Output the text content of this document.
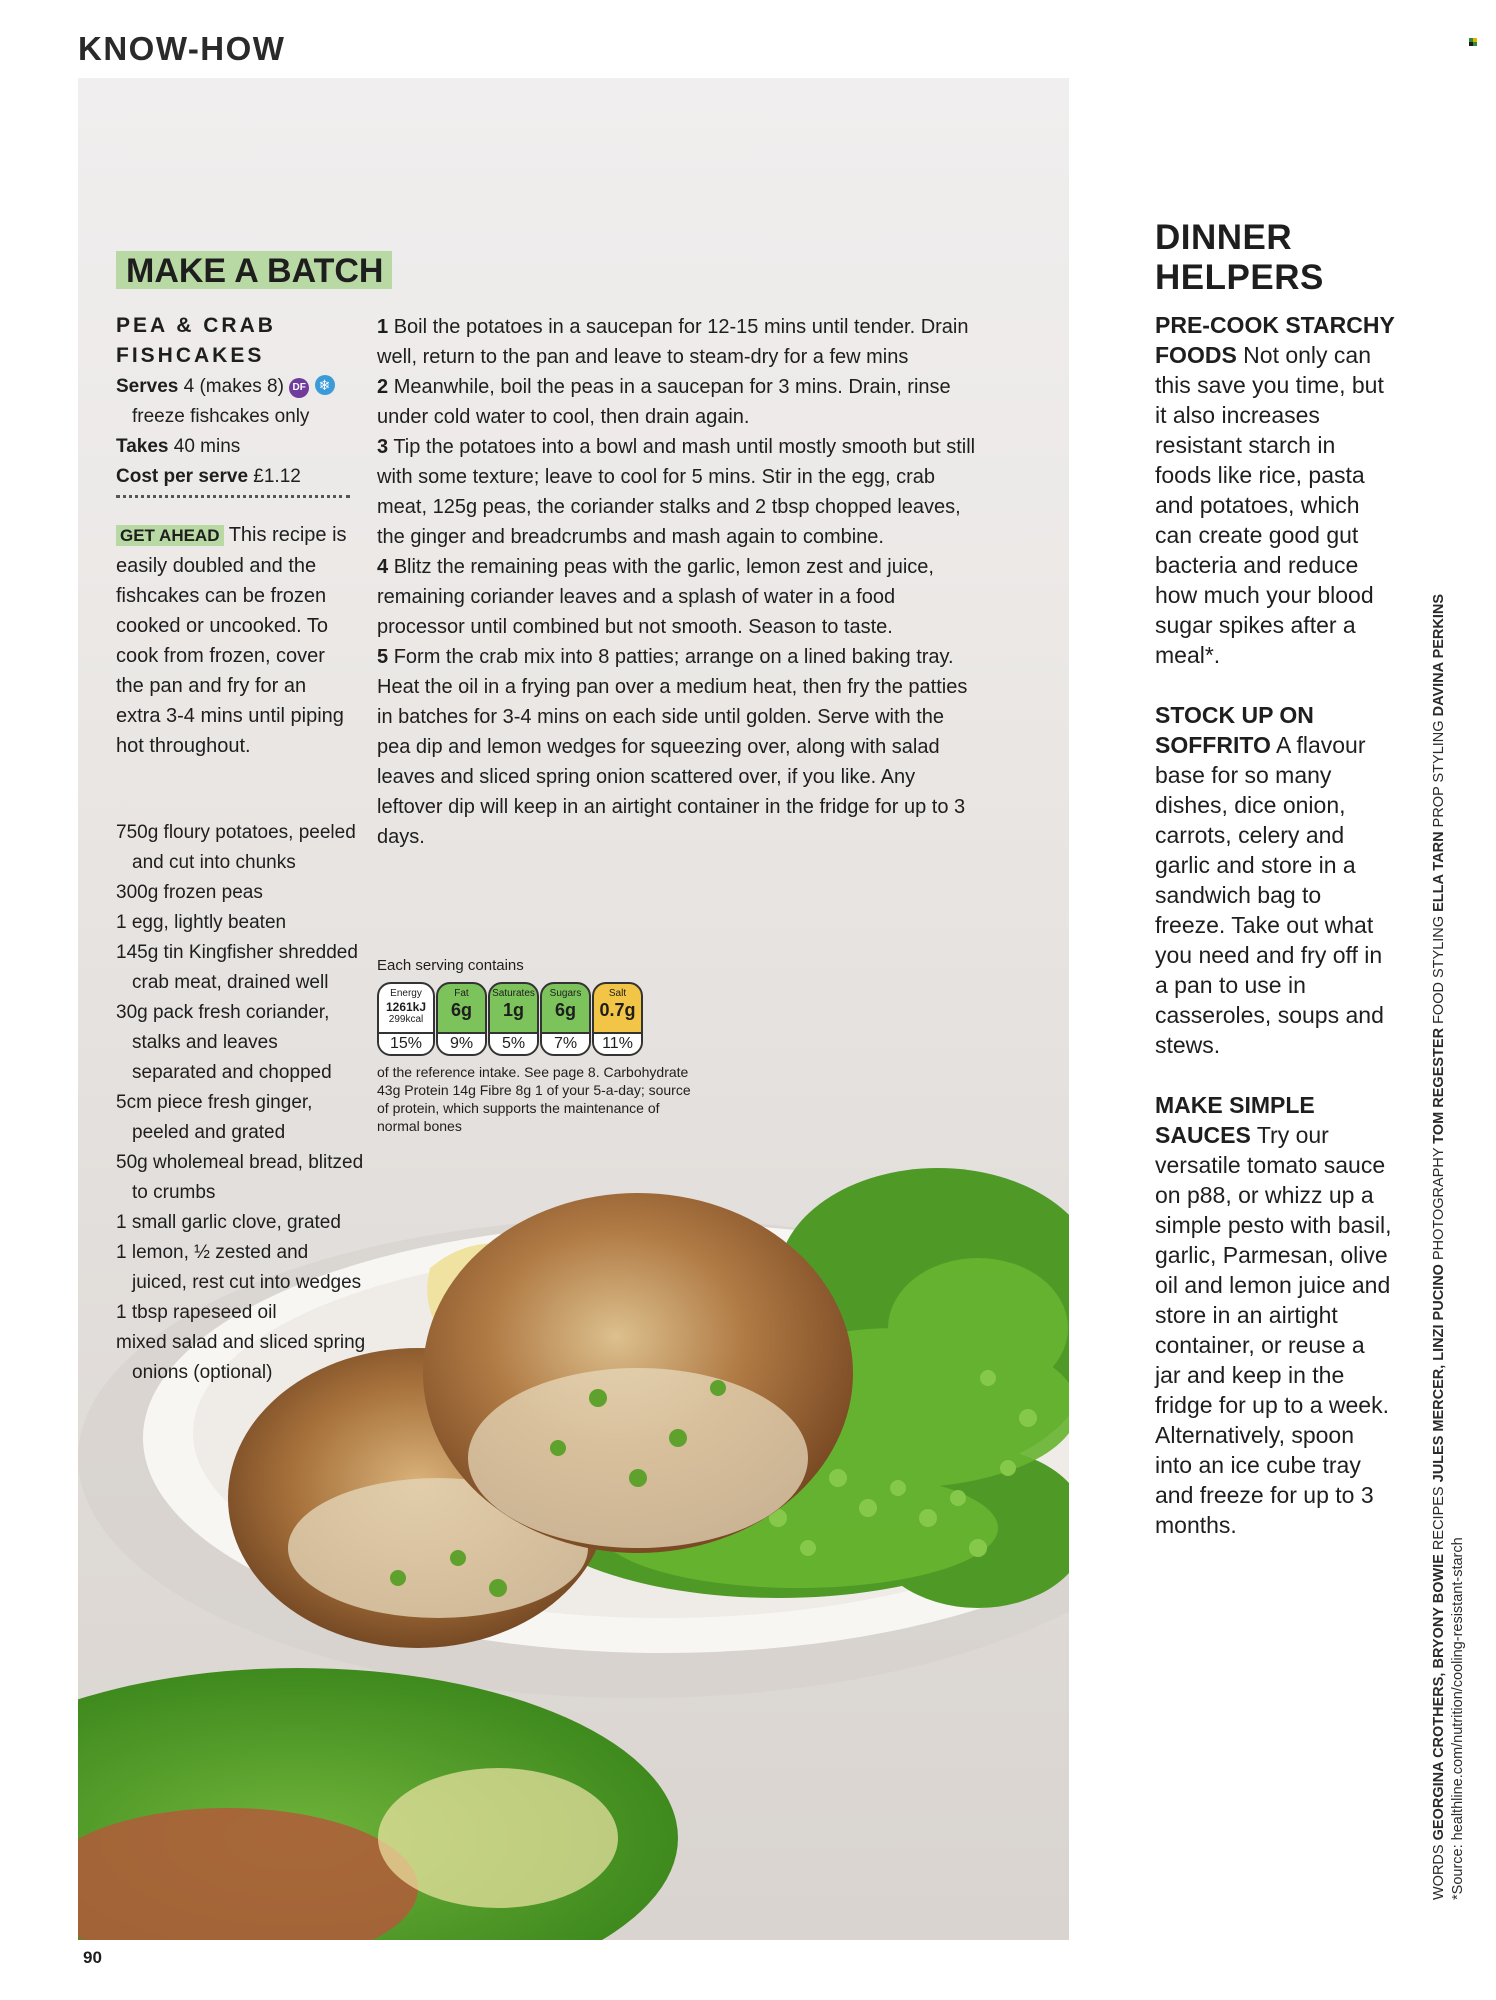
KNOW-HOW
MAKE A BATCH
PEA & CRAB
FISHCAKES
Serves 4 (makes 8) DF ❄
freeze fishcakes only
Takes 40 mins
Cost per serve £1.12
GET AHEAD This recipe is easily doubled and the fishcakes can be frozen cooked or uncooked. To cook from frozen, cover the pan and fry for an extra 3-4 mins until piping hot throughout.
750g floury potatoes, peeled and cut into chunks
300g frozen peas
1 egg, lightly beaten
145g tin Kingfisher shredded crab meat, drained well
30g pack fresh coriander, stalks and leaves separated and chopped
5cm piece fresh ginger, peeled and grated
50g wholemeal bread, blitzed to crumbs
1 small garlic clove, grated
1 lemon, ½ zested and juiced, rest cut into wedges
1 tbsp rapeseed oil
mixed salad and sliced spring onions (optional)

1 Boil the potatoes in a saucepan for 12-15 mins until tender. Drain well, return to the pan and leave to steam-dry for a few mins

2 Meanwhile, boil the peas in a saucepan for 3 mins. Drain, rinse under cold water to cool, then drain again.

3 Tip the potatoes into a bowl and mash until mostly smooth but still with some texture; leave to cool for 5 mins. Stir in the egg, crab meat, 125g peas, the coriander stalks and 2 tbsp chopped leaves, the ginger and breadcrumbs and mash again to combine.

4 Blitz the remaining peas with the garlic, lemon zest and juice, remaining coriander leaves and a splash of water in a food processor until combined but not smooth. Season to taste.

5 Form the crab mix into 8 patties; arrange on a lined baking tray. Heat the oil in a frying pan over a medium heat, then fry the patties in batches for 3-4 mins on each side until golden. Serve with the pea dip and lemon wedges for squeezing over, along with salad leaves and sliced spring onion scattered over, if you like. Any leftover dip will keep in an airtight container in the fridge for up to 3 days.

Each serving contains
Energy
1261kJ
299kcal
15%
Fat
6g
9%
Saturates
1g
5%
Sugars
6g
7%
Salt
0.7g
11%
of the reference intake. See page 8. Carbohydrate 43g Protein 14g Fibre 8g 1 of your 5-a-day; source of protein, which supports the maintenance of normal bones
DINNER
HELPERS

PRE-COOK STARCHY FOODS Not only can this save you time, but it also increases resistant starch in foods like rice, pasta and potatoes, which can create good gut bacteria and reduce how much your blood sugar spikes after a meal*.

STOCK UP ON SOFFRITO A flavour base for so many dishes, dice onion, carrots, celery and garlic and store in a sandwich bag to freeze. Take out what you need and fry off in a pan to use in casseroles, soups and stews.

MAKE SIMPLE SAUCES Try our versatile tomato sauce on p88, or whizz up a simple pesto with basil, garlic, Parmesan, olive oil and lemon juice and store in an airtight container, or reuse a jar and keep in the fridge for up to a week. Alternatively, spoon into an ice cube tray and freeze for up to 3 months.

WORDS GEORGINA CROTHERS, BRYONY BOWIE RECIPES JULES MERCER, LINZI PUCINO PHOTOGRAPHY TOM REGESTER FOOD STYLING ELLA TARN PROP STYLING DAVINA PERKINS
*Source: healthline.com/nutrition/cooling-resistant-starch
90
